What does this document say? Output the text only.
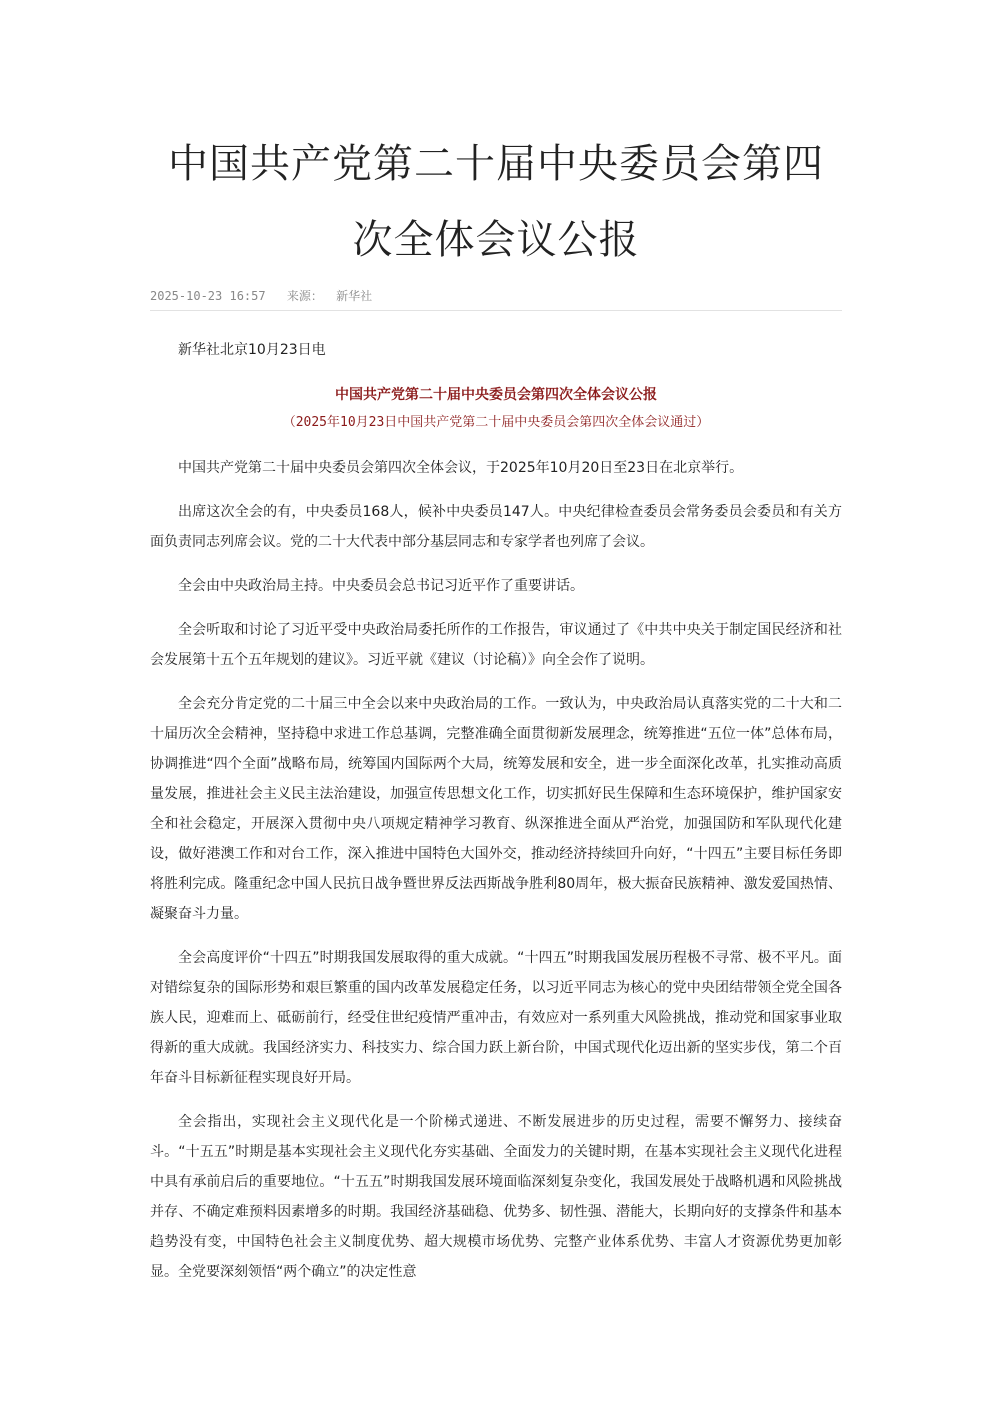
中国共产党第二十届中央委员会第四次全体会议公报
2025-10-23 16:57 来源： 新华社

新华社北京10月23日电

中国共产党第二十届中央委员会第四次全体会议公报
（2025年10月23日中国共产党第二十届中央委员会第四次全体会议通过）

中国共产党第二十届中央委员会第四次全体会议，于2025年10月20日至23日在北京举行。

出席这次全会的有，中央委员168人，候补中央委员147人。中央纪律检查委员会常务委员会委员和有关方面负责同志列席会议。党的二十大代表中部分基层同志和专家学者也列席了会议。

全会由中央政治局主持。中央委员会总书记习近平作了重要讲话。

全会听取和讨论了习近平受中央政治局委托所作的工作报告，审议通过了《中共中央关于制定国民经济和社会发展第十五个五年规划的建议》。习近平就《建议（讨论稿）》向全会作了说明。

全会充分肯定党的二十届三中全会以来中央政治局的工作。一致认为，中央政治局认真落实党的二十大和二十届历次全会精神，坚持稳中求进工作总基调，完整准确全面贯彻新发展理念，统筹推进“五位一体”总体布局，协调推进“四个全面”战略布局，统筹国内国际两个大局，统筹发展和安全，进一步全面深化改革，扎实推动高质量发展，推进社会主义民主法治建设，加强宣传思想文化工作，切实抓好民生保障和生态环境保护，维护国家安全和社会稳定，开展深入贯彻中央八项规定精神学习教育、纵深推进全面从严治党，加强国防和军队现代化建设，做好港澳工作和对台工作，深入推进中国特色大国外交，推动经济持续回升向好，“十四五”主要目标任务即将胜利完成。隆重纪念中国人民抗日战争暨世界反法西斯战争胜利80周年，极大振奋民族精神、激发爱国热情、凝聚奋斗力量。

全会高度评价“十四五”时期我国发展取得的重大成就。“十四五”时期我国发展历程极不寻常、极不平凡。面对错综复杂的国际形势和艰巨繁重的国内改革发展稳定任务，以习近平同志为核心的党中央团结带领全党全国各族人民，迎难而上、砥砺前行，经受住世纪疫情严重冲击，有效应对一系列重大风险挑战，推动党和国家事业取得新的重大成就。我国经济实力、科技实力、综合国力跃上新台阶，中国式现代化迈出新的坚实步伐，第二个百年奋斗目标新征程实现良好开局。

全会指出，实现社会主义现代化是一个阶梯式递进、不断发展进步的历史过程，需要不懈努力、接续奋斗。“十五五”时期是基本实现社会主义现代化夯实基础、全面发力的关键时期，在基本实现社会主义现代化进程中具有承前启后的重要地位。“十五五”时期我国发展环境面临深刻复杂变化，我国发展处于战略机遇和风险挑战并存、不确定难预料因素增多的时期。我国经济基础稳、优势多、韧性强、潜能大，长期向好的支撑条件和基本趋势没有变，中国特色社会主义制度优势、超大规模市场优势、完整产业体系优势、丰富人才资源优势更加彰显。全党要深刻领悟“两个确立”的决定性意
